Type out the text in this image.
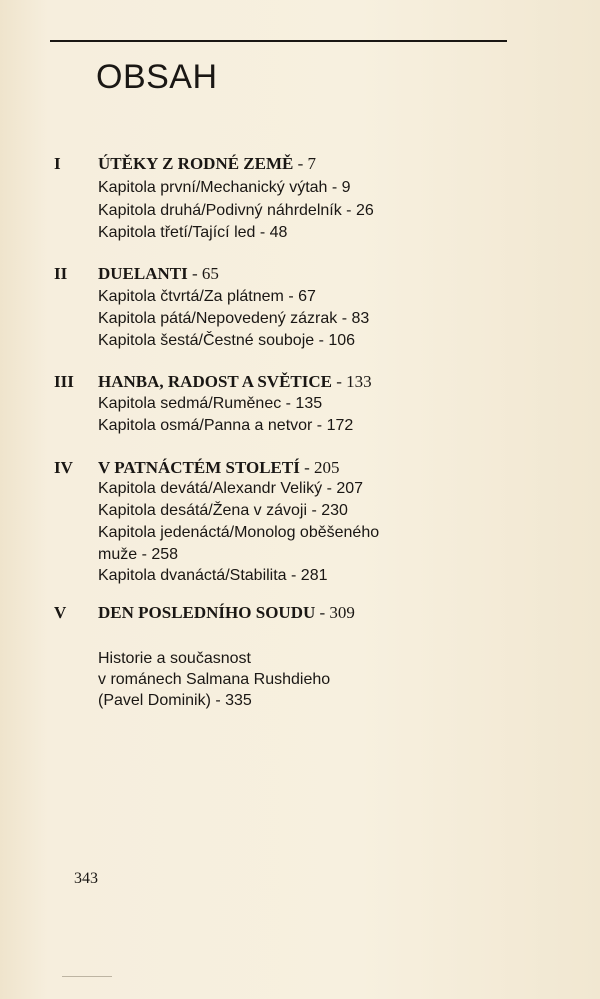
OBSAH
I ÚTĚKY Z RODNÉ ZEMĚ - 7
Kapitola první/Mechanický výtah - 9
Kapitola druhá/Podivný náhrdelník - 26
Kapitola třetí/Tající led - 48
II DUELANTI - 65
Kapitola čtvrtá/Za plátnem - 67
Kapitola pátá/Nepovedený zázrak - 83
Kapitola šestá/Čestné souboje - 106
III HANBA, RADOST A SVĚTICE - 133
Kapitola sedmá/Ruměnec - 135
Kapitola osmá/Panna a netvor - 172
IV V PATNÁCTÉM STOLETÍ - 205
Kapitola devátá/Alexandr Veliký - 207
Kapitola desátá/Žena v závoji - 230
Kapitola jedenáctá/Monolog oběšeného
muže - 258
Kapitola dvanáctá/Stabilita - 281
V DEN POSLEDNÍHO SOUDU - 309
Historie a současnost
v románech Salmana Rushdieho
(Pavel Dominik) - 335
343
